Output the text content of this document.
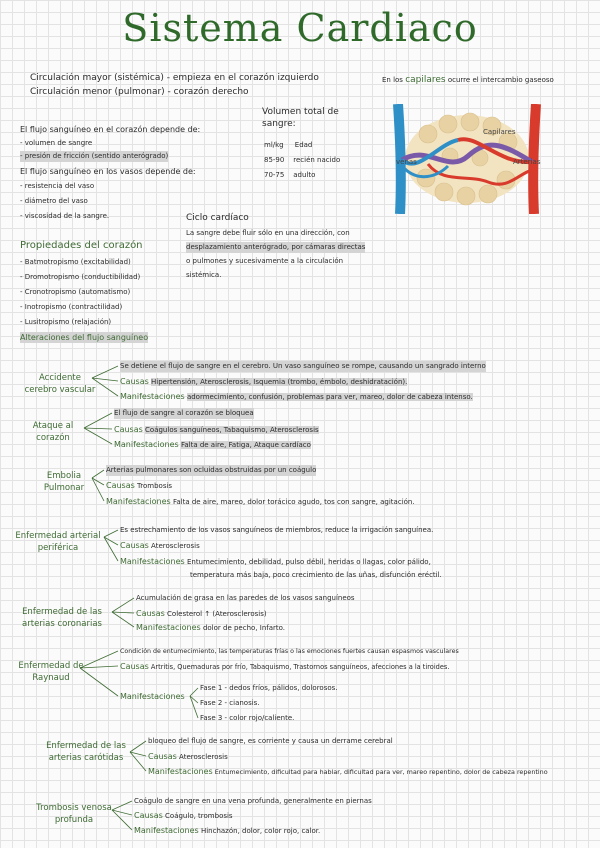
Sistema Cardiaco
Circulación mayor (sistémica) - empieza en el corazón izquierdo
Circulación menor (pulmonar) - corazón derecho
En los capilares ocurre el intercambio gaseoso
Capilares
venas	Arterias
El flujo sanguíneo en el corazón depende de:
- volumen de sangre
- presión de fricción (sentido anterógrado)
El flujo sanguíneo en los vasos depende de:
- resistencia del vaso
- diámetro del vaso
- viscosidad de la sangre.
Volumen total de sangre:
ml/kg Edad
85-90 recién nacido
70-75 adulto
Ciclo cardíaco
La sangre debe fluir sólo en una dirección, con
desplazamiento anterógrado, por cámaras directas
o pulmones y sucesivamente a la circulación
sistémica.
Propiedades del corazón
- Batmotropismo (excitabilidad)
- Dromotropismo (conductibilidad)
- Cronotropismo (automatismo)
- Inotropismo (contractilidad)
- Lusitropismo (relajación)
Alteraciones del flujo sanguíneo
Accidente cerebro vascular
Se detiene el flujo de sangre en el cerebro. Un vaso sanguíneo se rompe, causando un sangrado interno
Causas Hipertensión, Aterosclerosis, Isquemia (trombo, émbolo, deshidratación).
Manifestaciones adormecimiento, confusión, problemas para ver, mareo, dolor de cabeza intenso.
Ataque al corazón
El flujo de sangre al corazón se bloquea
Causas Coágulos sanguíneos, Tabaquismo, Aterosclerosis
Manifestaciones Falta de aire, Fatiga, Ataque cardíaco
Embolia Pulmonar
Arterias pulmonares son ocluidas obstruidas por un coágulo
Causas Trombosis
Manifestaciones Falta de aire, mareo, dolor torácico agudo, tos con sangre, agitación.
Enfermedad arterial periférica
Es estrechamiento de los vasos sanguíneos de miembros, reduce la irrigación sanguínea.
Causas Aterosclerosis
Manifestaciones Entumecimiento, debilidad, pulso débil, heridas o llagas, color pálido,
temperatura más baja, poco crecimiento de las uñas, disfunción eréctil.
Enfermedad de las arterias coronarias
Acumulación de grasa en las paredes de los vasos sanguíneos
Causas Colesterol ↑ (Aterosclerosis)
Manifestaciones dolor de pecho, Infarto.
Enfermedad de Raynaud
Condición de entumecimiento, las temperaturas frías o las emociones fuertes causan espasmos vasculares
Causas Artritis, Quemaduras por frío, Tabaquismo, Trastornos sanguíneos, afecciones a la tiroides.
Manifestaciones
Fase 1 - dedos fríos, pálidos, dolorosos.
Fase 2 - cianosis.
Fase 3 - color rojo/caliente.
Enfermedad de las arterias carótidas
bloqueo del flujo de sangre, es corriente y causa un derrame cerebral
Causas Aterosclerosis
Manifestaciones Entumecimiento, dificultad para hablar, dificultad para ver, mareo repentino, dolor de cabeza repentino
Trombosis venosa profunda
Coágulo de sangre en una vena profunda, generalmente en piernas
Causas Coágulo, trombosis
Manifestaciones Hinchazón, dolor, color rojo, calor.
